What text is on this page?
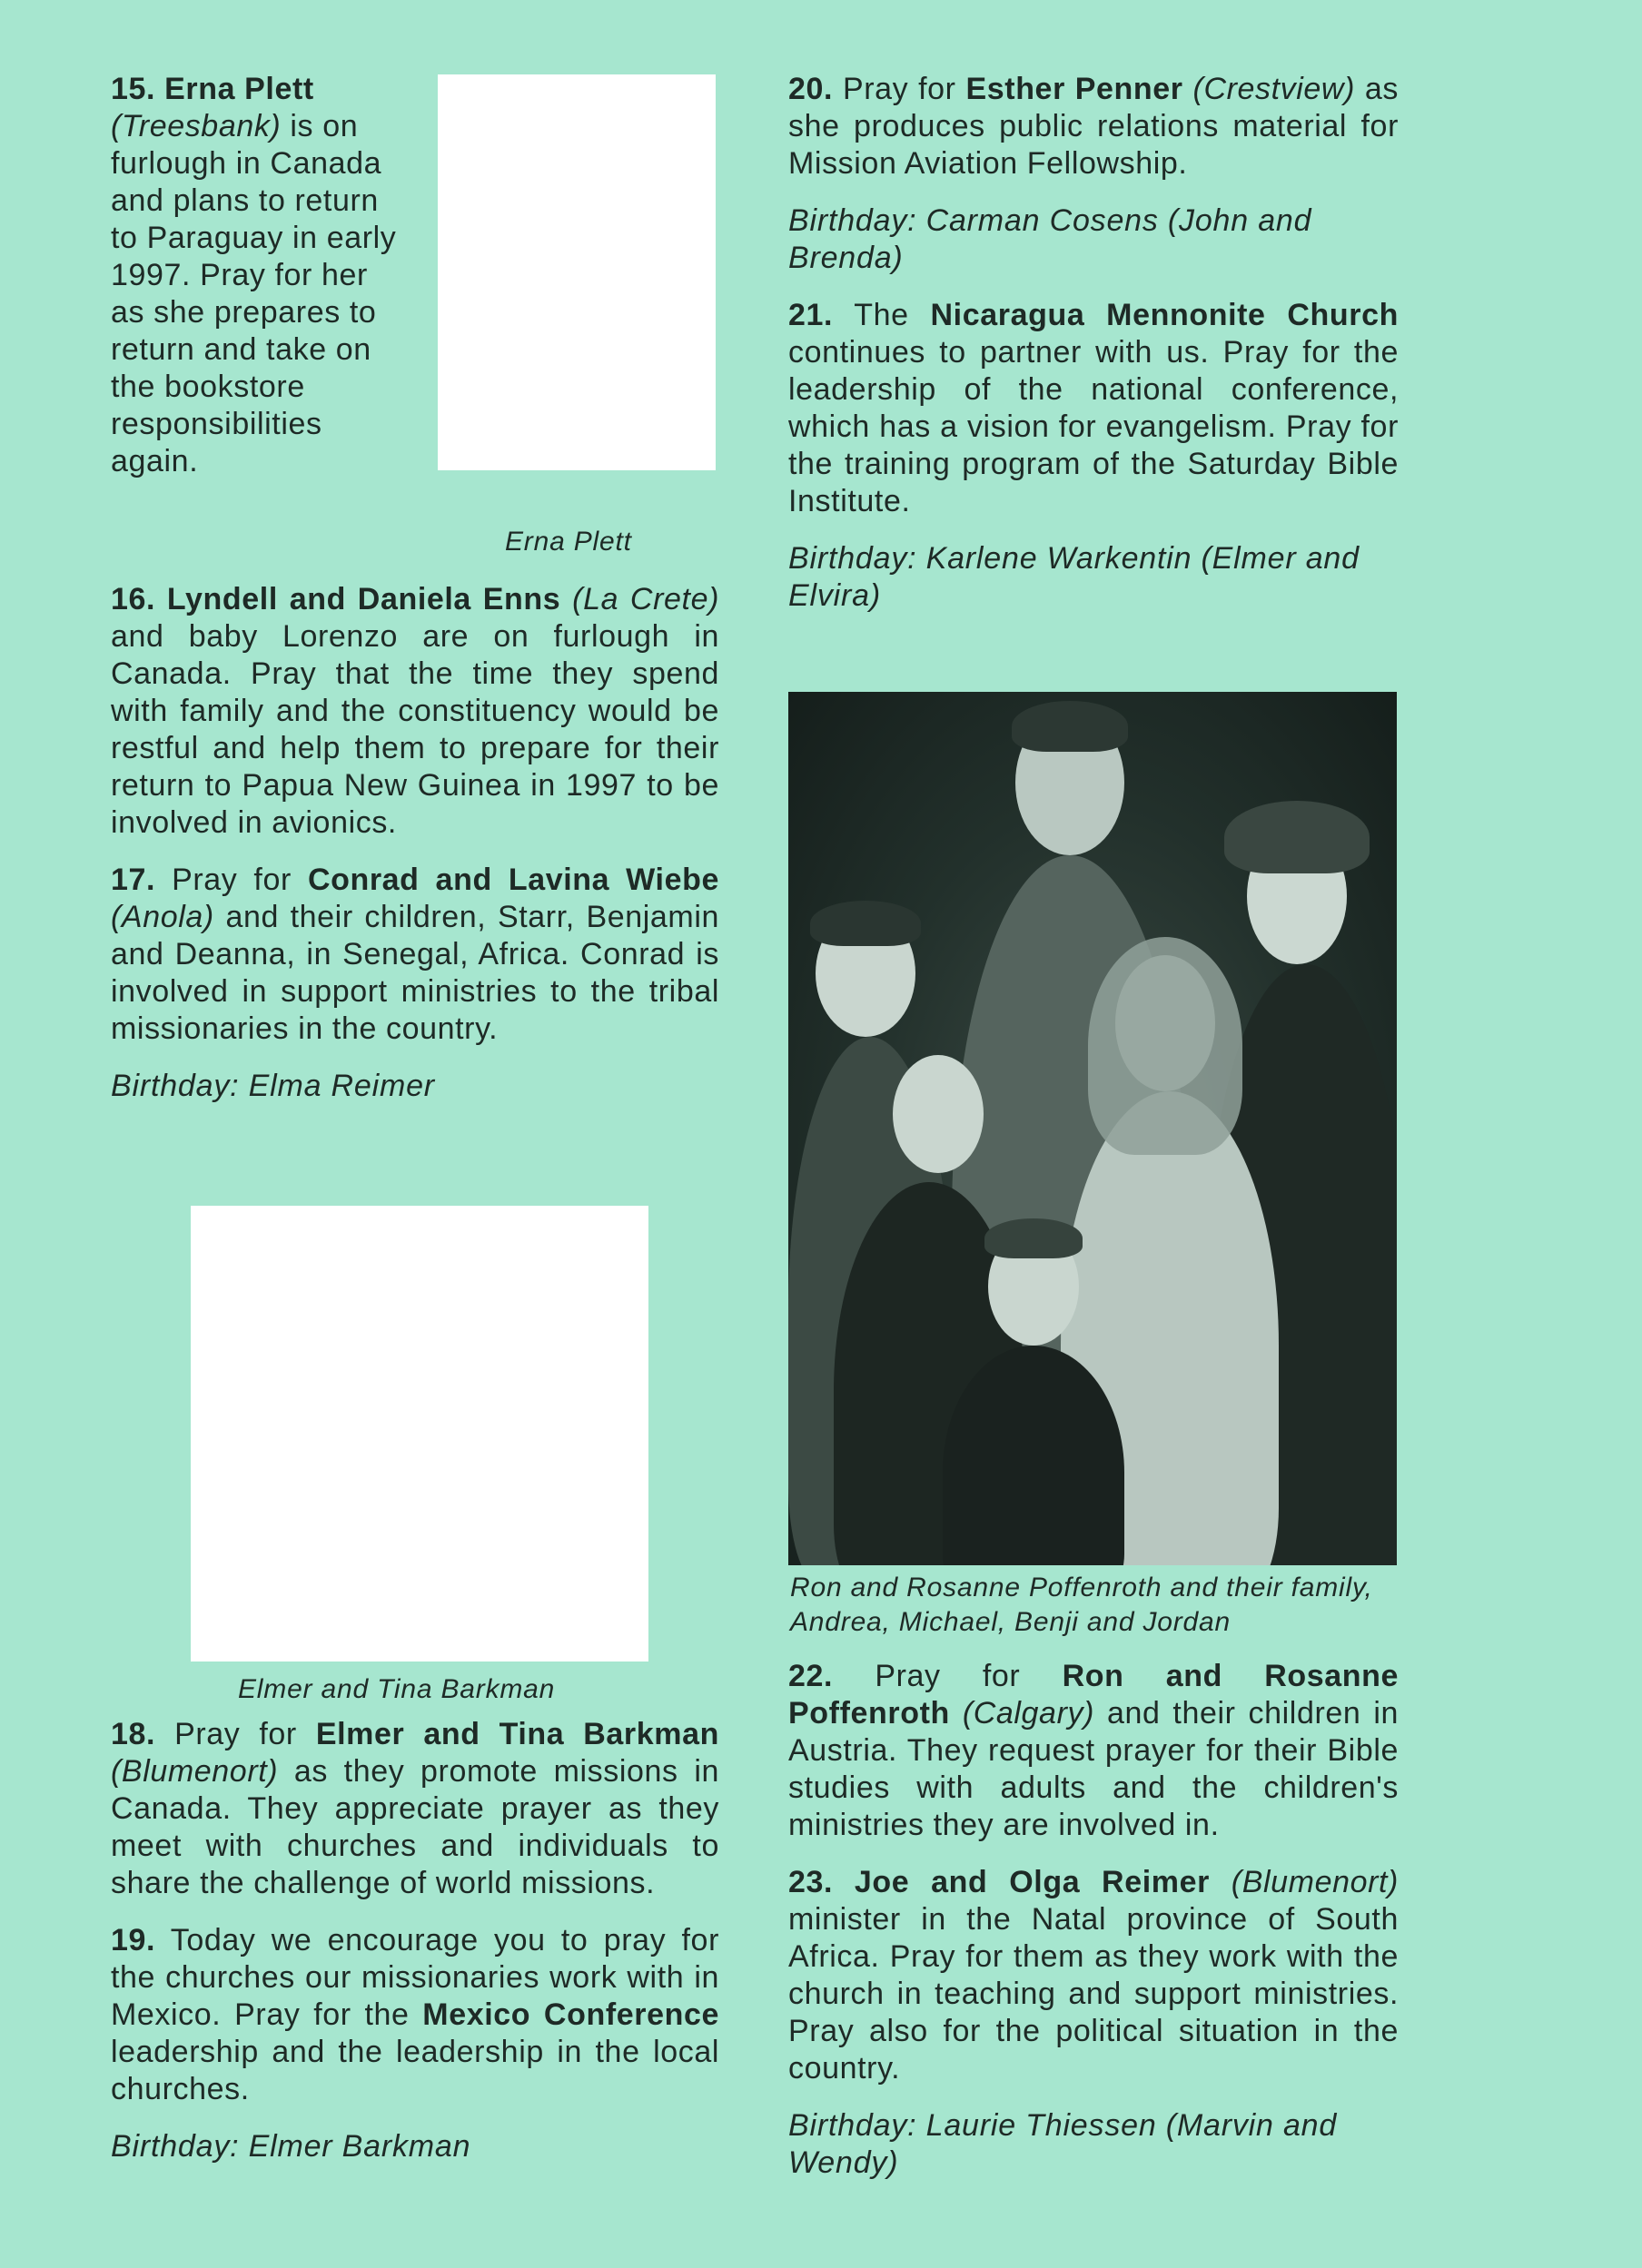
15. Erna Plett (Treesbank) is on furlough in Canada and plans to return to Paraguay in early 1997. Pray for her as she prepares to return and take on the bookstore responsibilities again.

Erna Plett

16. Lyndell and Daniela Enns (La Crete) and baby Lorenzo are on furlough in Canada. Pray that the time they spend with family and the constituency would be restful and help them to prepare for their return to Papua New Guinea in 1997 to be involved in avionics.

17. Pray for Conrad and Lavina Wiebe (Anola) and their children, Starr, Benjamin and Deanna, in Senegal, Africa. Conrad is involved in support ministries to the tribal missionaries in the country.

Birthday: Elma Reimer
Elmer and Tina Barkman

18. Pray for Elmer and Tina Barkman (Blumenort) as they promote missions in Canada. They appreciate prayer as they meet with churches and individuals to share the challenge of world missions.

19. Today we encourage you to pray for the churches our missionaries work with in Mexico. Pray for the Mexico Conference leadership and the leadership in the local churches.

Birthday: Elmer Barkman

20. Pray for Esther Penner (Crestview) as she produces public relations material for Mission Aviation Fellowship.

Birthday: Carman Cosens (John and Brenda)

21. The Nicaragua Mennonite Church continues to partner with us. Pray for the leadership of the national conference, which has a vision for evangelism. Pray for the training program of the Saturday Bible Institute.

Birthday: Karlene Warkentin (Elmer and Elvira)
Ron and Rosanne Poffenroth and their family, Andrea, Michael, Benji and Jordan

22. Pray for Ron and Rosanne Poffenroth (Calgary) and their children in Austria. They request prayer for their Bible studies with adults and the children's ministries they are involved in.

23. Joe and Olga Reimer (Blumenort) minister in the Natal province of South Africa. Pray for them as they work with the church in teaching and support ministries. Pray also for the political situation in the country.

Birthday: Laurie Thiessen (Marvin and Wendy)
